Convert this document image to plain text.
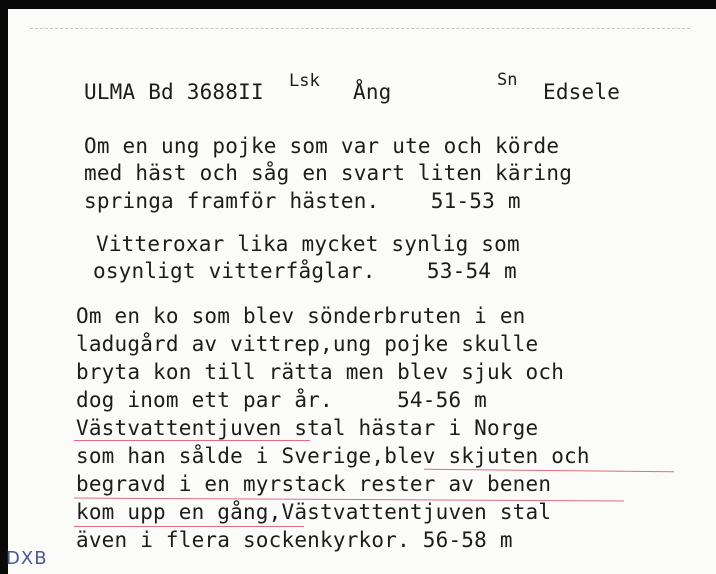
ULMA Bd 3688II Lsk Ång	Sn Edsele
Om en ung pojke som var ute och körde
med häst och såg en svart liten käring
springa framför hästen.    51-53 m
Vitteroxar lika mycket synlig som
osynligt vitterfåglar.    53-54 m
Om en ko som blev sönderbruten i en
ladugård av vittrep,ung pojke skulle
bryta kon till rätta men blev sjuk och
dog inom ett par år.     54-56 m
Västvattentjuven stal hästar i Norge
som han sålde i Sverige,blev skjuten och
begravd i en myrstack rester av benen
kom upp en gång,Västvattentjuven stal
även i flera sockenkyrkor. 56-58 m
DXB
